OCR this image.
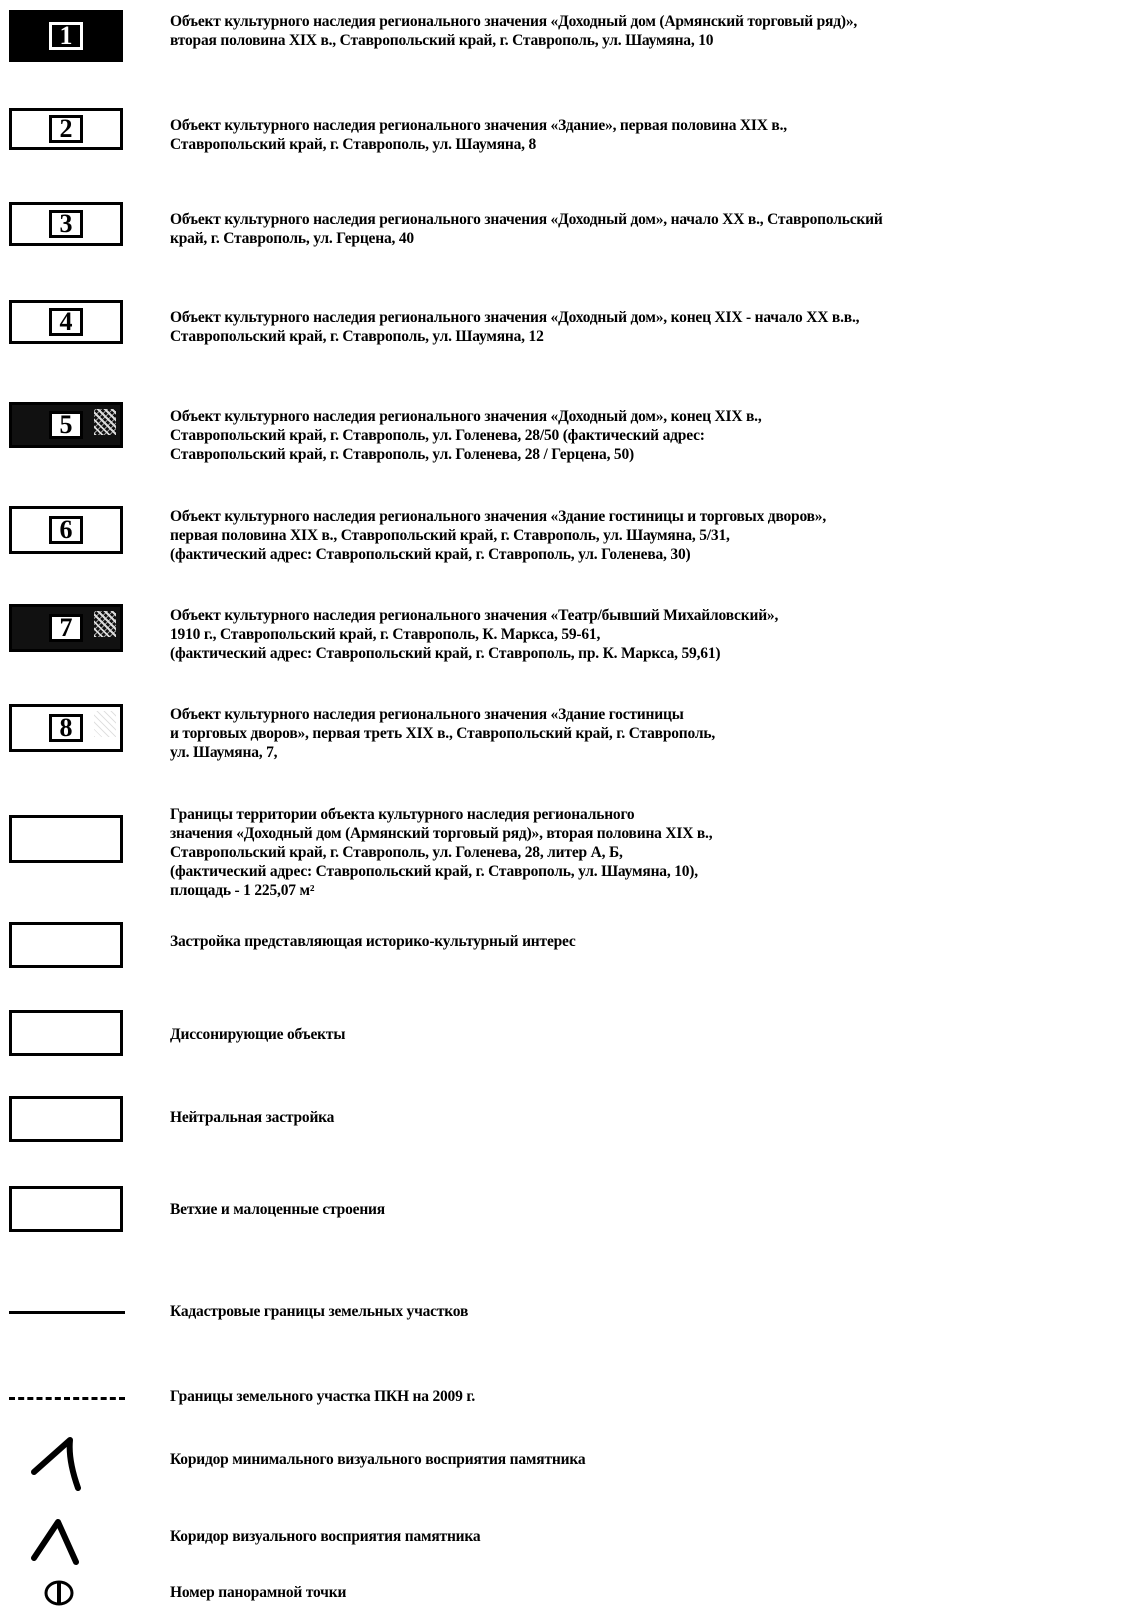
1	Объект культурного наследия регионального значения «Доходный дом (Армянский торговый ряд)»,
вторая половина XIX в., Ставропольский край, г. Ставрополь, ул. Шаумяна, 10
2	Объект культурного наследия регионального значения «Здание», первая половина XIX в.,
Ставропольский край, г. Ставрополь, ул. Шаумяна, 8
3	Объект культурного наследия регионального значения «Доходный дом», начало XX в., Ставропольский
край, г. Ставрополь, ул. Герцена, 40
4	Объект культурного наследия регионального значения «Доходный дом», конец XIX - начало XX в.в.,
Ставропольский край, г. Ставрополь, ул. Шаумяна, 12
5	Объект культурного наследия регионального значения «Доходный дом», конец XIX в.,
Ставропольский край, г. Ставрополь, ул. Голенева, 28/50 (фактический адрес:
Ставропольский край, г. Ставрополь, ул. Голенева, 28 / Герцена, 50)
6	Объект культурного наследия регионального значения «Здание гостиницы и торговых дворов»,
первая половина XIX в., Ставропольский край, г. Ставрополь, ул. Шаумяна, 5/31,
(фактический адрес: Ставропольский край, г. Ставрополь, ул. Голенева, 30)
7	Объект культурного наследия регионального значения «Театр/бывший Михайловский»,
1910 г., Ставропольский край, г. Ставрополь, К. Маркса, 59-61,
(фактический адрес: Ставропольский край, г. Ставрополь, пр. К. Маркса, 59,61)
8	Объект культурного наследия регионального значения «Здание гостиницы
и торговых дворов», первая треть XIX в., Ставропольский край, г. Ставрополь,
ул. Шаумяна, 7,
Границы территории объекта культурного наследия регионального
значения «Доходный дом (Армянский торговый ряд)», вторая половина XIX в.,
Ставропольский край, г. Ставрополь, ул. Голенева, 28, литер А, Б,
(фактический адрес: Ставропольский край, г. Ставрополь, ул. Шаумяна, 10),
площадь - 1 225,07 м²
Застройка представляющая историко-культурный интерес
Диссонирующие объекты
Нейтральная застройка
Ветхие и малоценные строения
Кадастровые границы земельных участков
Границы земельного участка ПКН на 2009 г.
Коридор минимального визуального восприятия памятника
Коридор визуального восприятия памятника
Номер панорамной точки
